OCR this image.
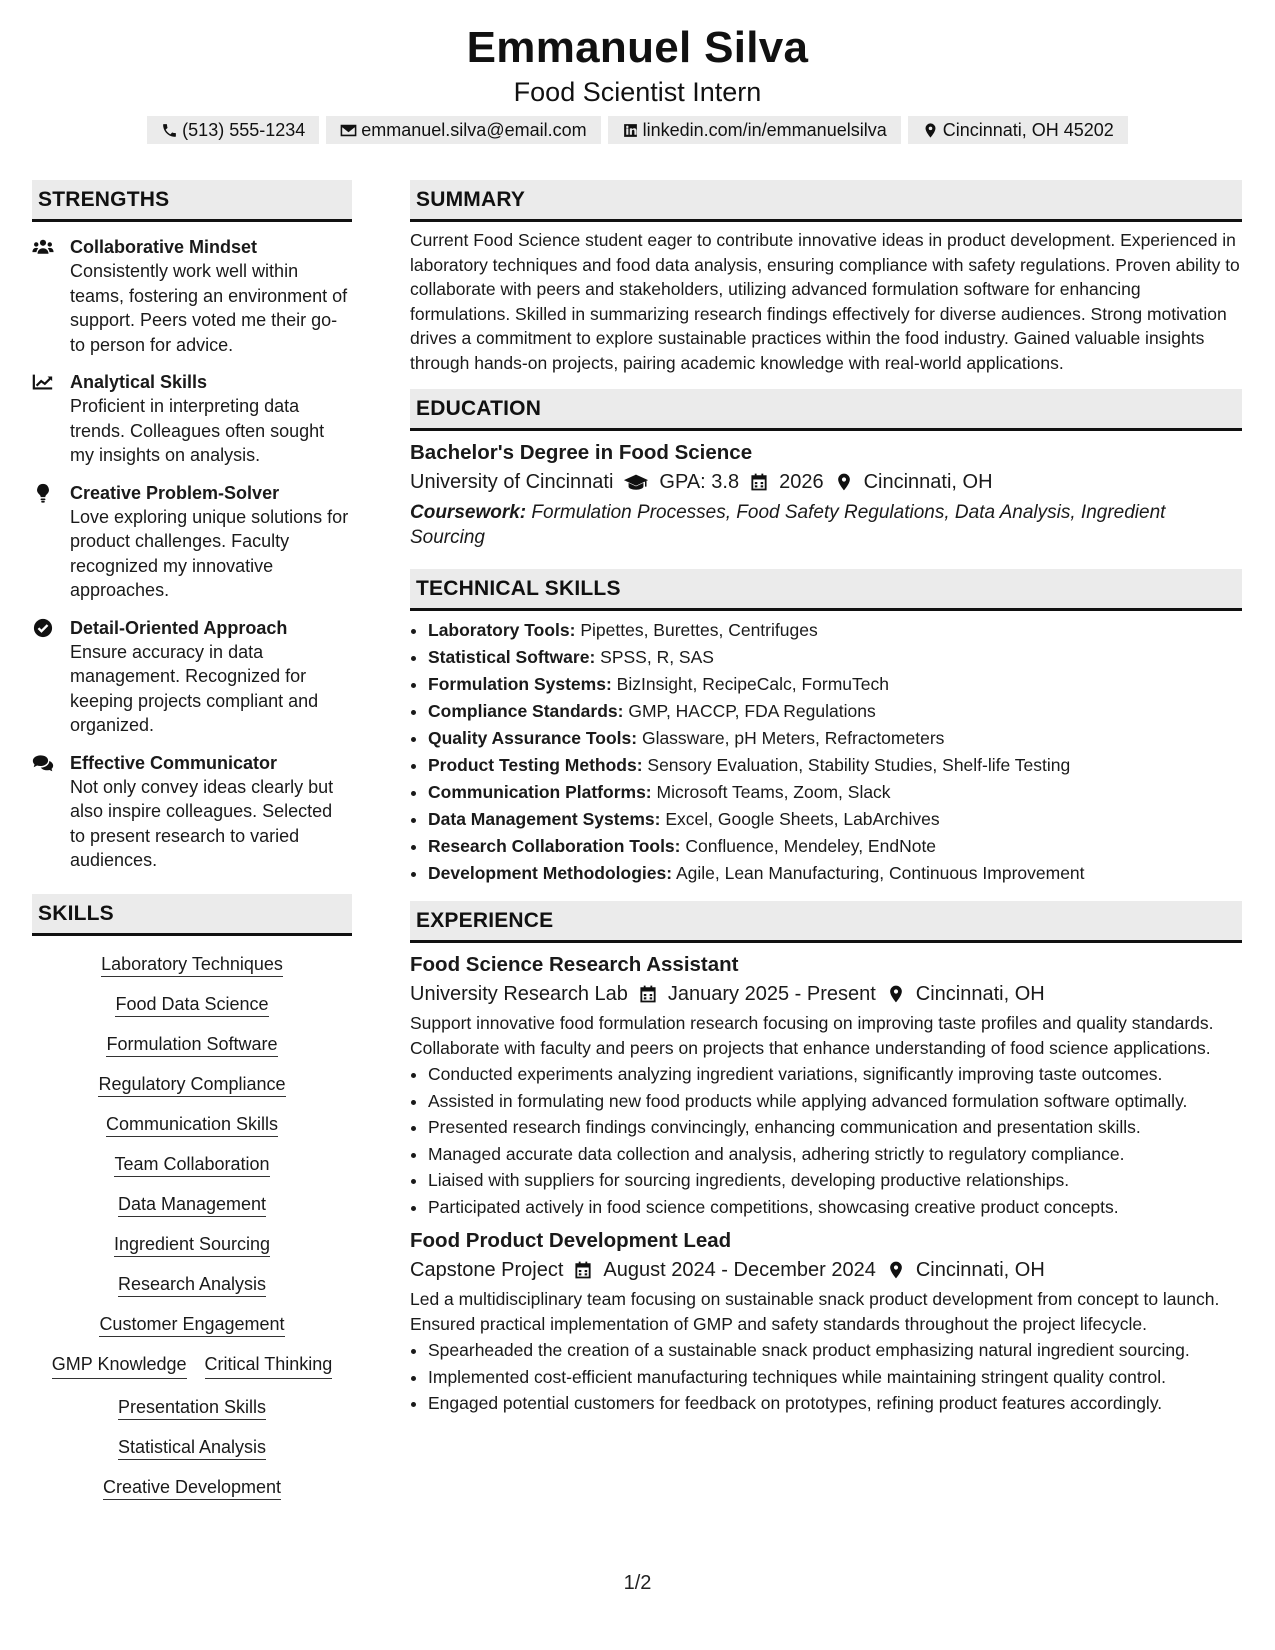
Emmanuel Silva
Food Scientist Intern
(513) 555-1234	emmanuel.silva@email.com	linkedin.com/in/emmanuelsilva	Cincinnati, OH 45202
STRENGTHS
Collaborative Mindset
Consistently work well within teams, fostering an environment of support. Peers voted me their go-to person for advice.
Analytical Skills
Proficient in interpreting data trends. Colleagues often sought my insights on analysis.
Creative Problem-Solver
Love exploring unique solutions for product challenges. Faculty recognized my innovative approaches.
Detail-Oriented Approach
Ensure accuracy in data management. Recognized for keeping projects compliant and organized.
Effective Communicator
Not only convey ideas clearly but also inspire colleagues. Selected to present research to varied audiences.
SKILLS
Laboratory Techniques
Food Data Science
Formulation Software
Regulatory Compliance
Communication Skills
Team Collaboration
Data Management
Ingredient Sourcing
Research Analysis
Customer Engagement
GMP Knowledge Critical Thinking
Presentation Skills
Statistical Analysis
Creative Development
SUMMARY
Current Food Science student eager to contribute innovative ideas in product development. Experienced in laboratory techniques and food data analysis, ensuring compliance with safety regulations. Proven ability to collaborate with peers and stakeholders, utilizing advanced formulation software for enhancing formulations. Skilled in summarizing research findings effectively for diverse audiences. Strong motivation drives a commitment to explore sustainable practices within the food industry. Gained valuable insights through hands-on projects, pairing academic knowledge with real-world applications.
EDUCATION
Bachelor's Degree in Food Science
University of Cincinnati GPA: 3.8 2026 Cincinnati, OH
Coursework: Formulation Processes, Food Safety Regulations, Data Analysis, Ingredient Sourcing
TECHNICAL SKILLS
• Laboratory Tools: Pipettes, Burettes, Centrifuges
• Statistical Software: SPSS, R, SAS
• Formulation Systems: BizInsight, RecipeCalc, FormuTech
• Compliance Standards: GMP, HACCP, FDA Regulations
• Quality Assurance Tools: Glassware, pH Meters, Refractometers
• Product Testing Methods: Sensory Evaluation, Stability Studies, Shelf-life Testing
• Communication Platforms: Microsoft Teams, Zoom, Slack
• Data Management Systems: Excel, Google Sheets, LabArchives
• Research Collaboration Tools: Confluence, Mendeley, EndNote
• Development Methodologies: Agile, Lean Manufacturing, Continuous Improvement
EXPERIENCE
Food Science Research Assistant
University Research Lab January 2025 - Present Cincinnati, OH
Support innovative food formulation research focusing on improving taste profiles and quality standards. Collaborate with faculty and peers on projects that enhance understanding of food science applications.
• Conducted experiments analyzing ingredient variations, significantly improving taste outcomes.
• Assisted in formulating new food products while applying advanced formulation software optimally.
• Presented research findings convincingly, enhancing communication and presentation skills.
• Managed accurate data collection and analysis, adhering strictly to regulatory compliance.
• Liaised with suppliers for sourcing ingredients, developing productive relationships.
• Participated actively in food science competitions, showcasing creative product concepts.
Food Product Development Lead
Capstone Project August 2024 - December 2024 Cincinnati, OH
Led a multidisciplinary team focusing on sustainable snack product development from concept to launch. Ensured practical implementation of GMP and safety standards throughout the project lifecycle.
• Spearheaded the creation of a sustainable snack product emphasizing natural ingredient sourcing.
• Implemented cost-efficient manufacturing techniques while maintaining stringent quality control.
• Engaged potential customers for feedback on prototypes, refining product features accordingly.
1/2
